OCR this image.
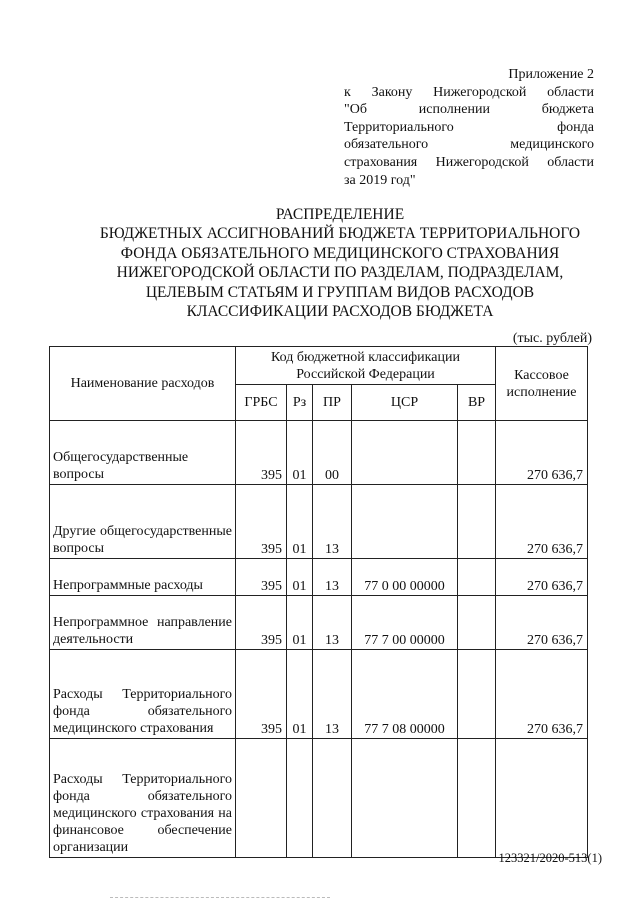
Приложение 2
к Закону Нижегородской области
"Об исполнении бюджета
Территориального фонда
обязательного медицинского
страхования Нижегородской области
за 2019 год"
РАСПРЕДЕЛЕНИЕ
БЮДЖЕТНЫХ АССИГНОВАНИЙ БЮДЖЕТА ТЕРРИТОРИАЛЬНОГО
ФОНДА ОБЯЗАТЕЛЬНОГО МЕДИЦИНСКОГО СТРАХОВАНИЯ
НИЖЕГОРОДСКОЙ ОБЛАСТИ ПО РАЗДЕЛАМ, ПОДРАЗДЕЛАМ,
ЦЕЛЕВЫМ СТАТЬЯМ И ГРУППАМ ВИДОВ РАСХОДОВ
КЛАССИФИКАЦИИ РАСХОДОВ БЮДЖЕТА
(тыс. рублей)
Наименование расходов	Код бюджетной классификации Российской Федерации					Кассовое исполнение
	ГРБС	Рз	ПР	ЦСР	ВР	
Общегосударственные вопросы	395	01	00			270 636,7
Другие общегосударственные вопросы	395	01	13			270 636,7
Непрограммные расходы	395	01	13	77 0 00 00000		270 636,7
Непрограммное направление деятельности	395	01	13	77 7 00 00000		270 636,7
Расходы Территориального фонда обязательного медицинского страхования	395	01	13	77 7 08 00000		270 636,7
Расходы Территориального фонда обязательного медицинского страхования на финансовое обеспечение организации						
123321/2020-513(1)
